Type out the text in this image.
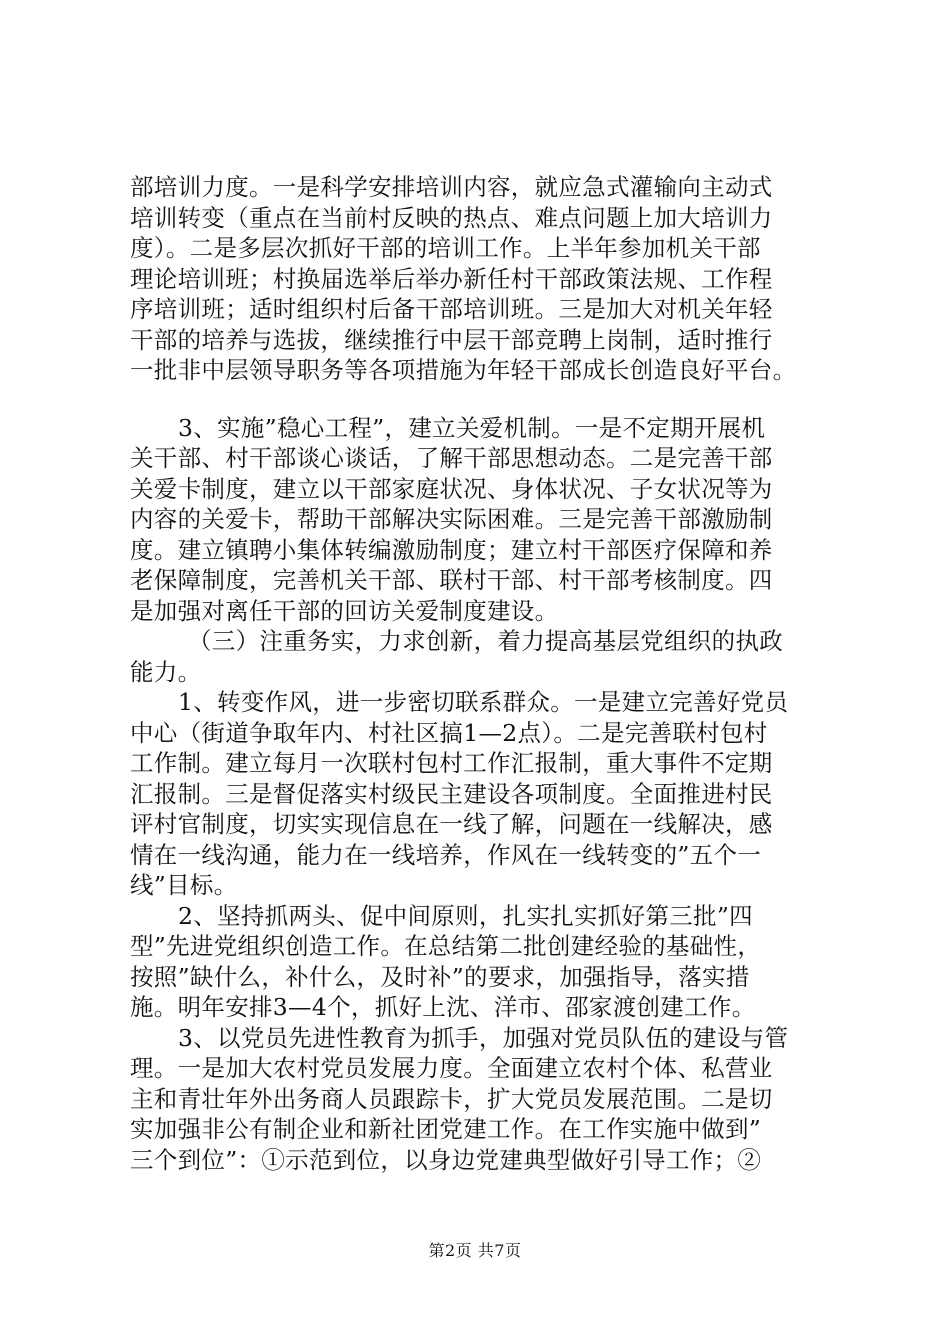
部培训力度。一是科学安排培训内容，就应急式灌输向主动式
培训转变（重点在当前村反映的热点、难点问题上加大培训力
度）。二是多层次抓好干部的培训工作。上半年参加机关干部
理论培训班；村换届选举后举办新任村干部政策法规、工作程
序培训班；适时组织村后备干部培训班。三是加大对机关年轻
干部的培养与选拔，继续推行中层干部竞聘上岗制，适时推行
一批非中层领导职务等各项措施为年轻干部成长创造良好平台。
3、实施”稳心工程”，建立关爱机制。一是不定期开展机
关干部、村干部谈心谈话，了解干部思想动态。二是完善干部
关爱卡制度，建立以干部家庭状况、身体状况、子女状况等为
内容的关爱卡，帮助干部解决实际困难。三是完善干部激励制
度。建立镇聘小集体转编激励制度；建立村干部医疗保障和养
老保障制度，完善机关干部、联村干部、村干部考核制度。四
是加强对离任干部的回访关爱制度建设。
（三）注重务实，力求创新，着力提高基层党组织的执政
能力。
1、转变作风，进一步密切联系群众。一是建立完善好党员
中心（街道争取年内、村社区搞1—2点）。二是完善联村包村
工作制。建立每月一次联村包村工作汇报制，重大事件不定期
汇报制。三是督促落实村级民主建设各项制度。全面推进村民
评村官制度，切实实现信息在一线了解，问题在一线解决，感
情在一线沟通，能力在一线培养，作风在一线转变的”五个一
线”目标。
2、坚持抓两头、促中间原则，扎实扎实抓好第三批”四
型”先进党组织创造工作。在总结第二批创建经验的基础性，
按照”缺什么，补什么，及时补”的要求，加强指导，落实措
施。明年安排3—4个，抓好上沈、洋市、邵家渡创建工作。
3、以党员先进性教育为抓手，加强对党员队伍的建设与管
理。一是加大农村党员发展力度。全面建立农村个体、私营业
主和青壮年外出务商人员跟踪卡，扩大党员发展范围。二是切
实加强非公有制企业和新社团党建工作。在工作实施中做到”
三个到位”：①示范到位，以身边党建典型做好引导工作；②
第2页 共7页
